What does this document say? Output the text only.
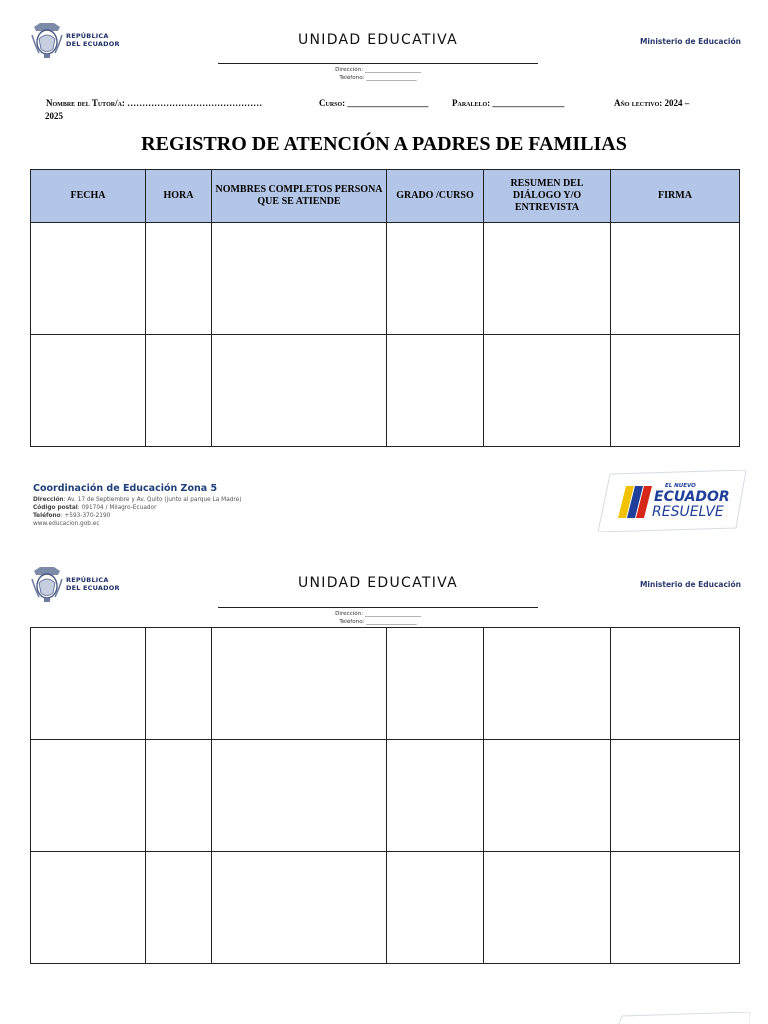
REPÚBLICA
DEL ECUADOR	UNIDAD EDUCATIVA
Dirección: ____________________
Teléfono: __________________
Ministerio de Educación
Nombre del Tutor/a: ………………………………………	Curso: __________________	Paralelo: ________________	Año lectivo: 2024 –
2025
REGISTRO DE ATENCIÓN A PADRES DE FAMILIAS
FECHA	HORA	NOMBRES COMPLETOS PERSONA QUE SE ATIENDE	GRADO /CURSO	RESUMEN DEL DIÁLOGO Y/O ENTREVISTA	FIRMA

Coordinación de Educación Zona 5
Dirección: Av. 17 de Septiembre y Av. Quito (junto al parque La Madre)
Código postal: 091704 / Milagro-Ecuador
Teléfono: +593-370-2190
www.educacion.gob.ec
EL NUEVO
ECUADOR
RESUELVE
REPÚBLICA
DEL ECUADOR	UNIDAD EDUCATIVA
Dirección: ____________________
Teléfono: __________________
Ministerio de Educación
